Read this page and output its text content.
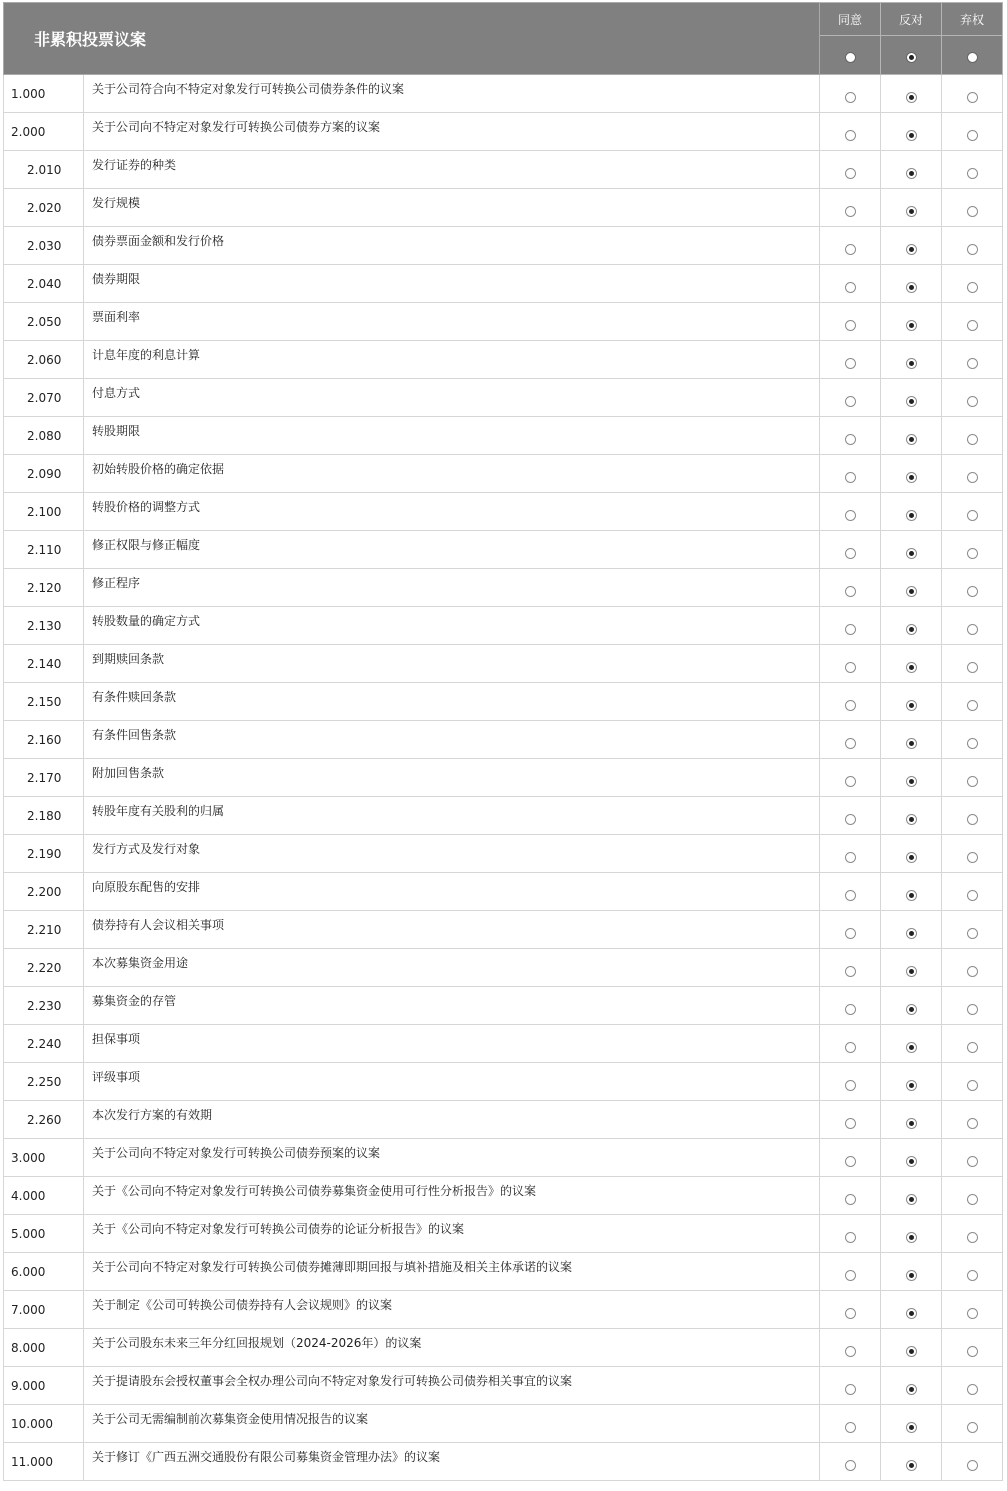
非累积投票议案		同意	反对	弃权

1.000	关于公司符合向不特定对象发行可转换公司债券条件的议案			
2.000	关于公司向不特定对象发行可转换公司债券方案的议案			
2.010	发行证券的种类			
2.020	发行规模			
2.030	债券票面金额和发行价格			
2.040	债券期限			
2.050	票面利率			
2.060	计息年度的利息计算			
2.070	付息方式			
2.080	转股期限			
2.090	初始转股价格的确定依据			
2.100	转股价格的调整方式			
2.110	修正权限与修正幅度			
2.120	修正程序			
2.130	转股数量的确定方式			
2.140	到期赎回条款			
2.150	有条件赎回条款			
2.160	有条件回售条款			
2.170	附加回售条款			
2.180	转股年度有关股利的归属			
2.190	发行方式及发行对象			
2.200	向原股东配售的安排			
2.210	债券持有人会议相关事项			
2.220	本次募集资金用途			
2.230	募集资金的存管			
2.240	担保事项			
2.250	评级事项			
2.260	本次发行方案的有效期			
3.000	关于公司向不特定对象发行可转换公司债券预案的议案			
4.000	关于《公司向不特定对象发行可转换公司债券募集资金使用可行性分析报告》的议案			
5.000	关于《公司向不特定对象发行可转换公司债券的论证分析报告》的议案			
6.000	关于公司向不特定对象发行可转换公司债券摊薄即期回报与填补措施及相关主体承诺的议案			
7.000	关于制定《公司可转换公司债券持有人会议规则》的议案			
8.000	关于公司股东未来三年分红回报规划（2024-2026年）的议案			
9.000	关于提请股东会授权董事会全权办理公司向不特定对象发行可转换公司债券相关事宜的议案			
10.000	关于公司无需编制前次募集资金使用情况报告的议案			
11.000	关于修订《广西五洲交通股份有限公司募集资金管理办法》的议案			
